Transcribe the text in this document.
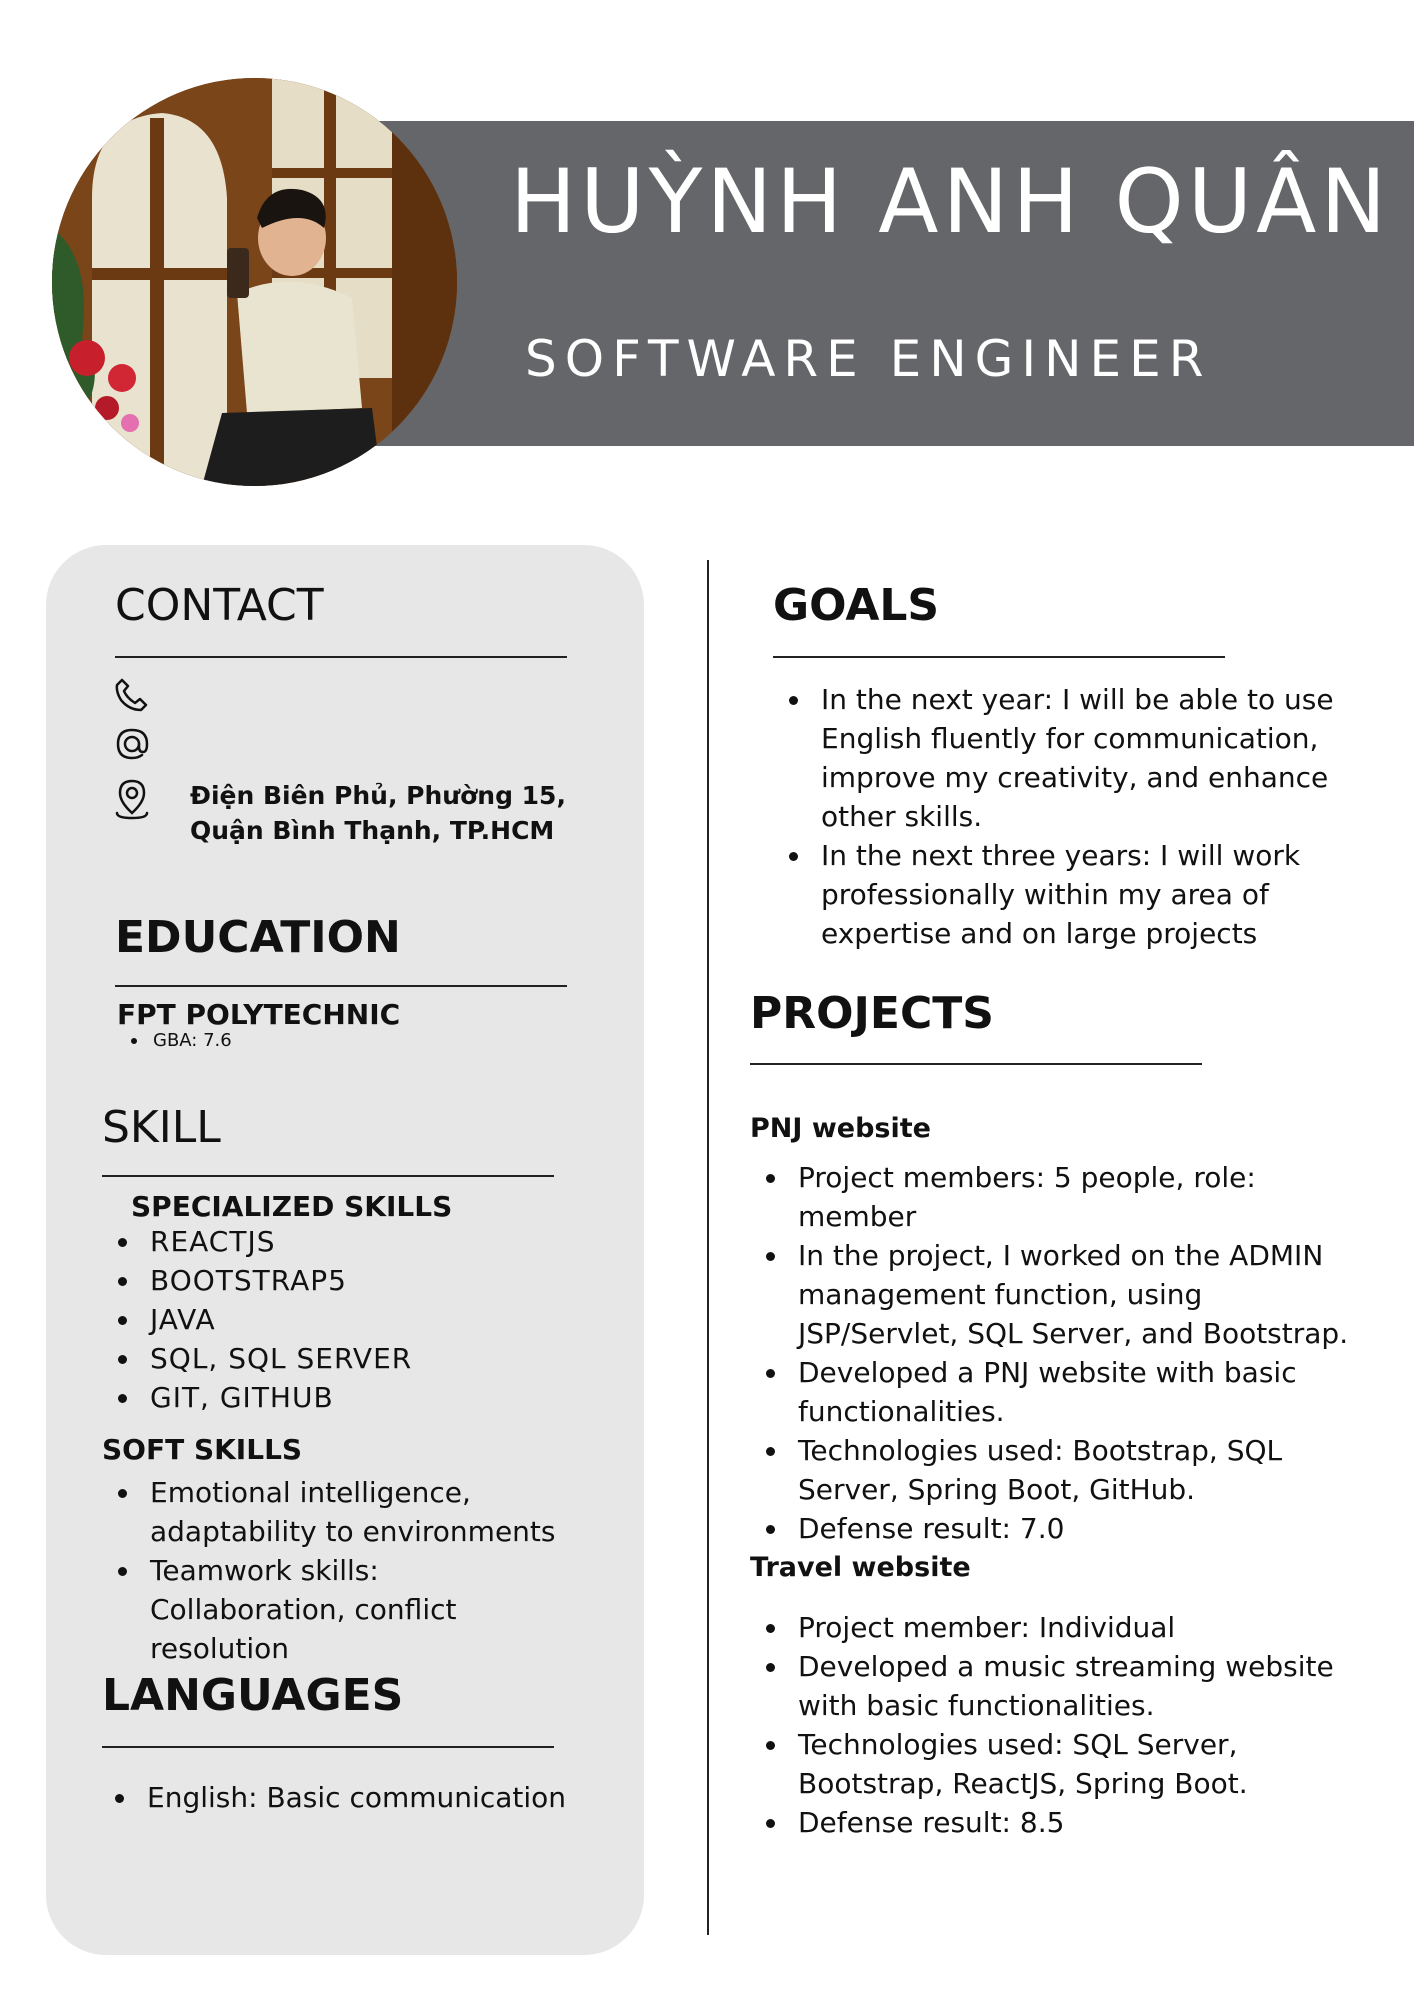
HUỲNH ANH QUÂN
SOFTWARE ENGINEER
CONTACT

Điện Biên Phủ, Phường 15, Quận Bình Thạnh, TP.HCM

EDUCATION
FPT POLYTECHNIC
GBA: 7.6
SKILL
SPECIALIZED SKILLS
REACTJS
BOOTSTRAP5
JAVA
SQL, SQL SERVER
GIT, GITHUB
SOFT SKILLS
Emotional intelligence, adaptability to environments
Teamwork skills: Collaboration, conflict resolution
LANGUAGES
English: Basic communication
GOALS
In the next year: I will be able to use English fluently for communication, improve my creativity, and enhance other skills.
In the next three years: I will work professionally within my area of expertise and on large projects
PROJECTS
PNJ website
Project members: 5 people, role: member
In the project, I worked on the ADMIN management function, using JSP/Servlet, SQL Server, and Bootstrap.
Developed a PNJ website with basic functionalities.
Technologies used: Bootstrap, SQL Server, Spring Boot, GitHub.
Defense result: 7.0
Travel website
Project member: Individual
Developed a music streaming website with basic functionalities.
Technologies used: SQL Server, Bootstrap, ReactJS, Spring Boot.
Defense result: 8.5
